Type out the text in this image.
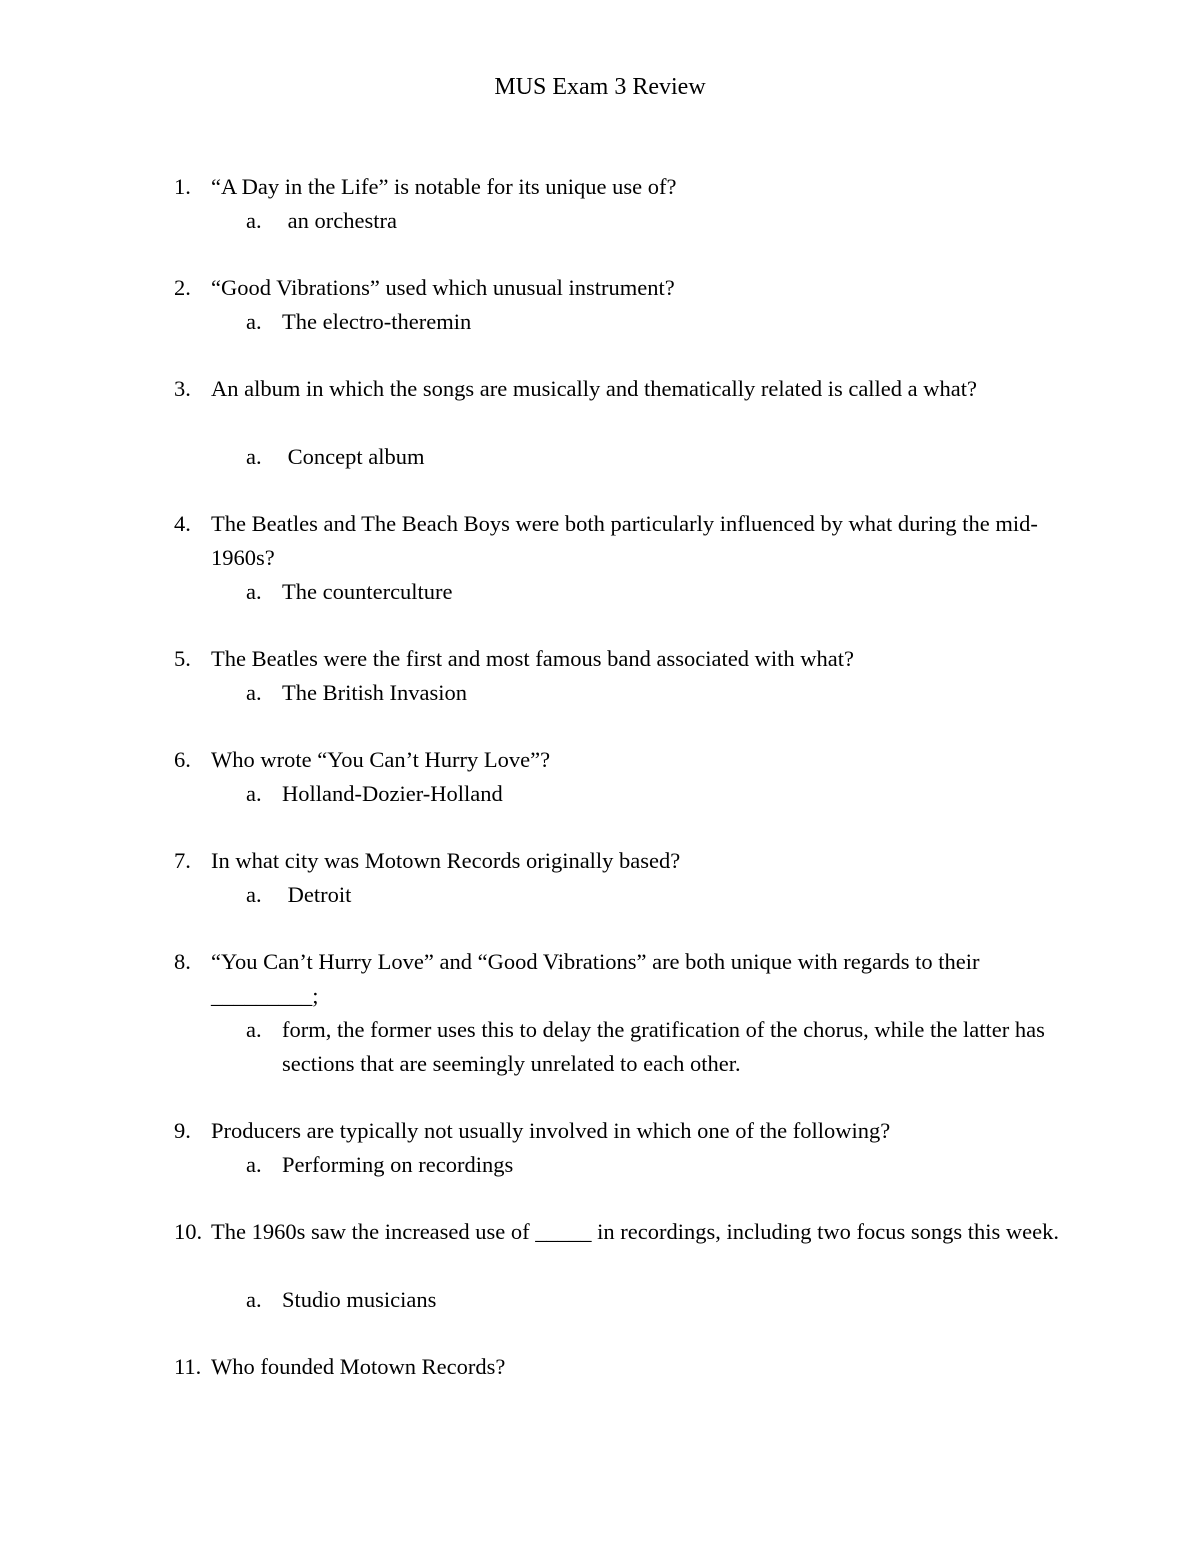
MUS Exam 3 Review
1. “A Day in the Life” is notable for its unique use of?

a. an orchestra
2. “Good Vibrations” used which unusual instrument?

a. The electro-theremin
3. An album in which the songs are musically and thematically related is called a what?

a. Concept album
4. The Beatles and The Beach Boys were both particularly influenced by what during the mid-1960s?

a. The counterculture
5. The Beatles were the first and most famous band associated with what?

a. The British Invasion
6. Who wrote “You Can’t Hurry Love”?

a. Holland-Dozier-Holland
7. In what city was Motown Records originally based?

a. Detroit
8. “You Can’t Hurry Love” and “Good Vibrations” are both unique with regards to their _________;

a. form, the former uses this to delay the gratification of the chorus, while the latter has sections that are seemingly unrelated to each other.
9. Producers are typically not usually involved in which one of the following?

a. Performing on recordings
10. The 1960s saw the increased use of _____ in recordings, including two focus songs this week.

a. Studio musicians
11. Who founded Motown Records?
